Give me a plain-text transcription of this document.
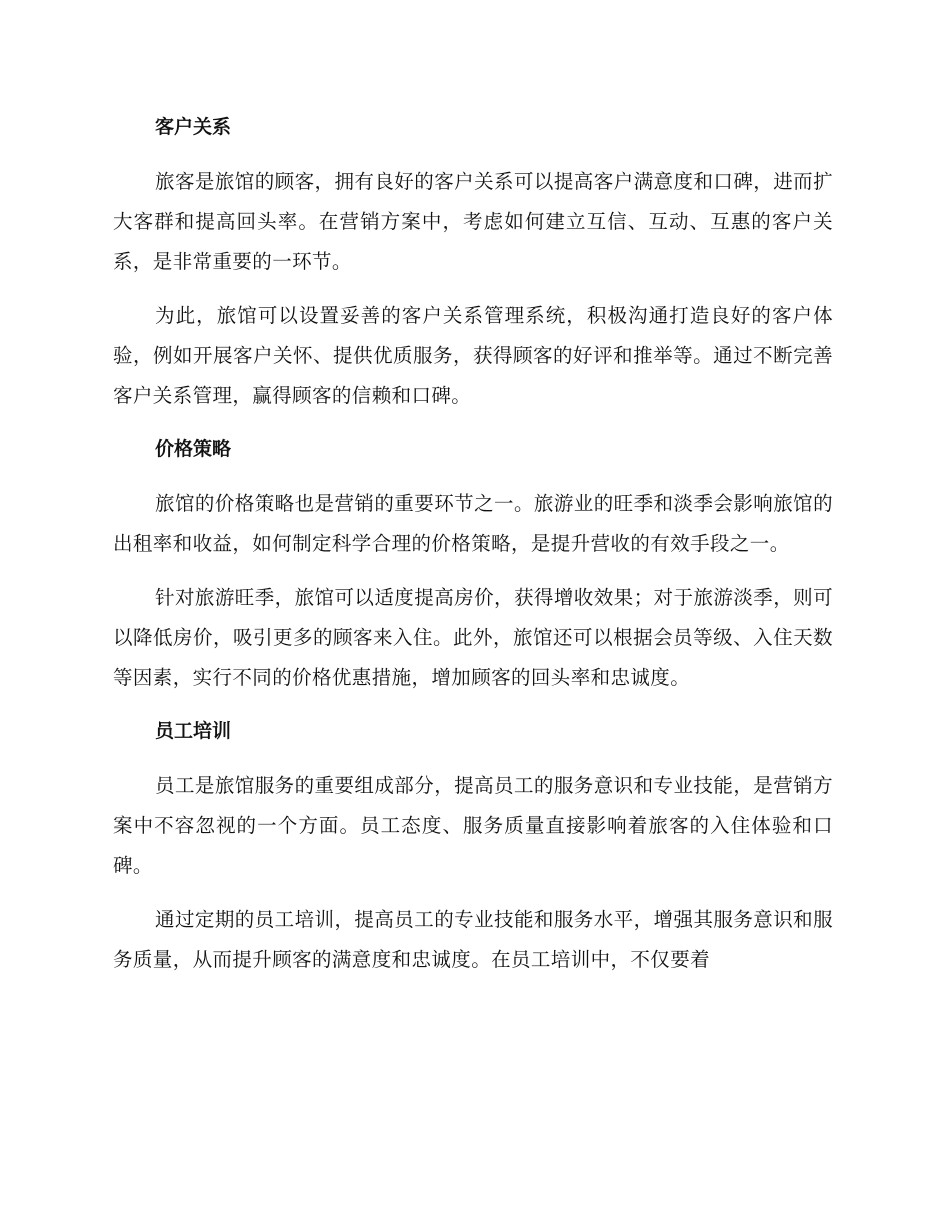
客户关系

旅客是旅馆的顾客，拥有良好的客户关系可以提高客户满意度和口碑，进而扩大客群和提高回头率。在营销方案中，考虑如何建立互信、互动、互惠的客户关系，是非常重要的一环节。

为此，旅馆可以设置妥善的客户关系管理系统，积极沟通打造良好的客户体验，例如开展客户关怀、提供优质服务，获得顾客的好评和推举等。通过不断完善客户关系管理，赢得顾客的信赖和口碑。

价格策略

旅馆的价格策略也是营销的重要环节之一。旅游业的旺季和淡季会影响旅馆的出租率和收益，如何制定科学合理的价格策略，是提升营收的有效手段之一。

针对旅游旺季，旅馆可以适度提高房价，获得增收效果；对于旅游淡季，则可以降低房价，吸引更多的顾客来入住。此外，旅馆还可以根据会员等级、入住天数等因素，实行不同的价格优惠措施，增加顾客的回头率和忠诚度。

员工培训

员工是旅馆服务的重要组成部分，提高员工的服务意识和专业技能，是营销方案中不容忽视的一个方面。员工态度、服务质量直接影响着旅客的入住体验和口碑。

通过定期的员工培训，提高员工的专业技能和服务水平，增强其服务意识和服务质量，从而提升顾客的满意度和忠诚度。在员工培训中，不仅要着
